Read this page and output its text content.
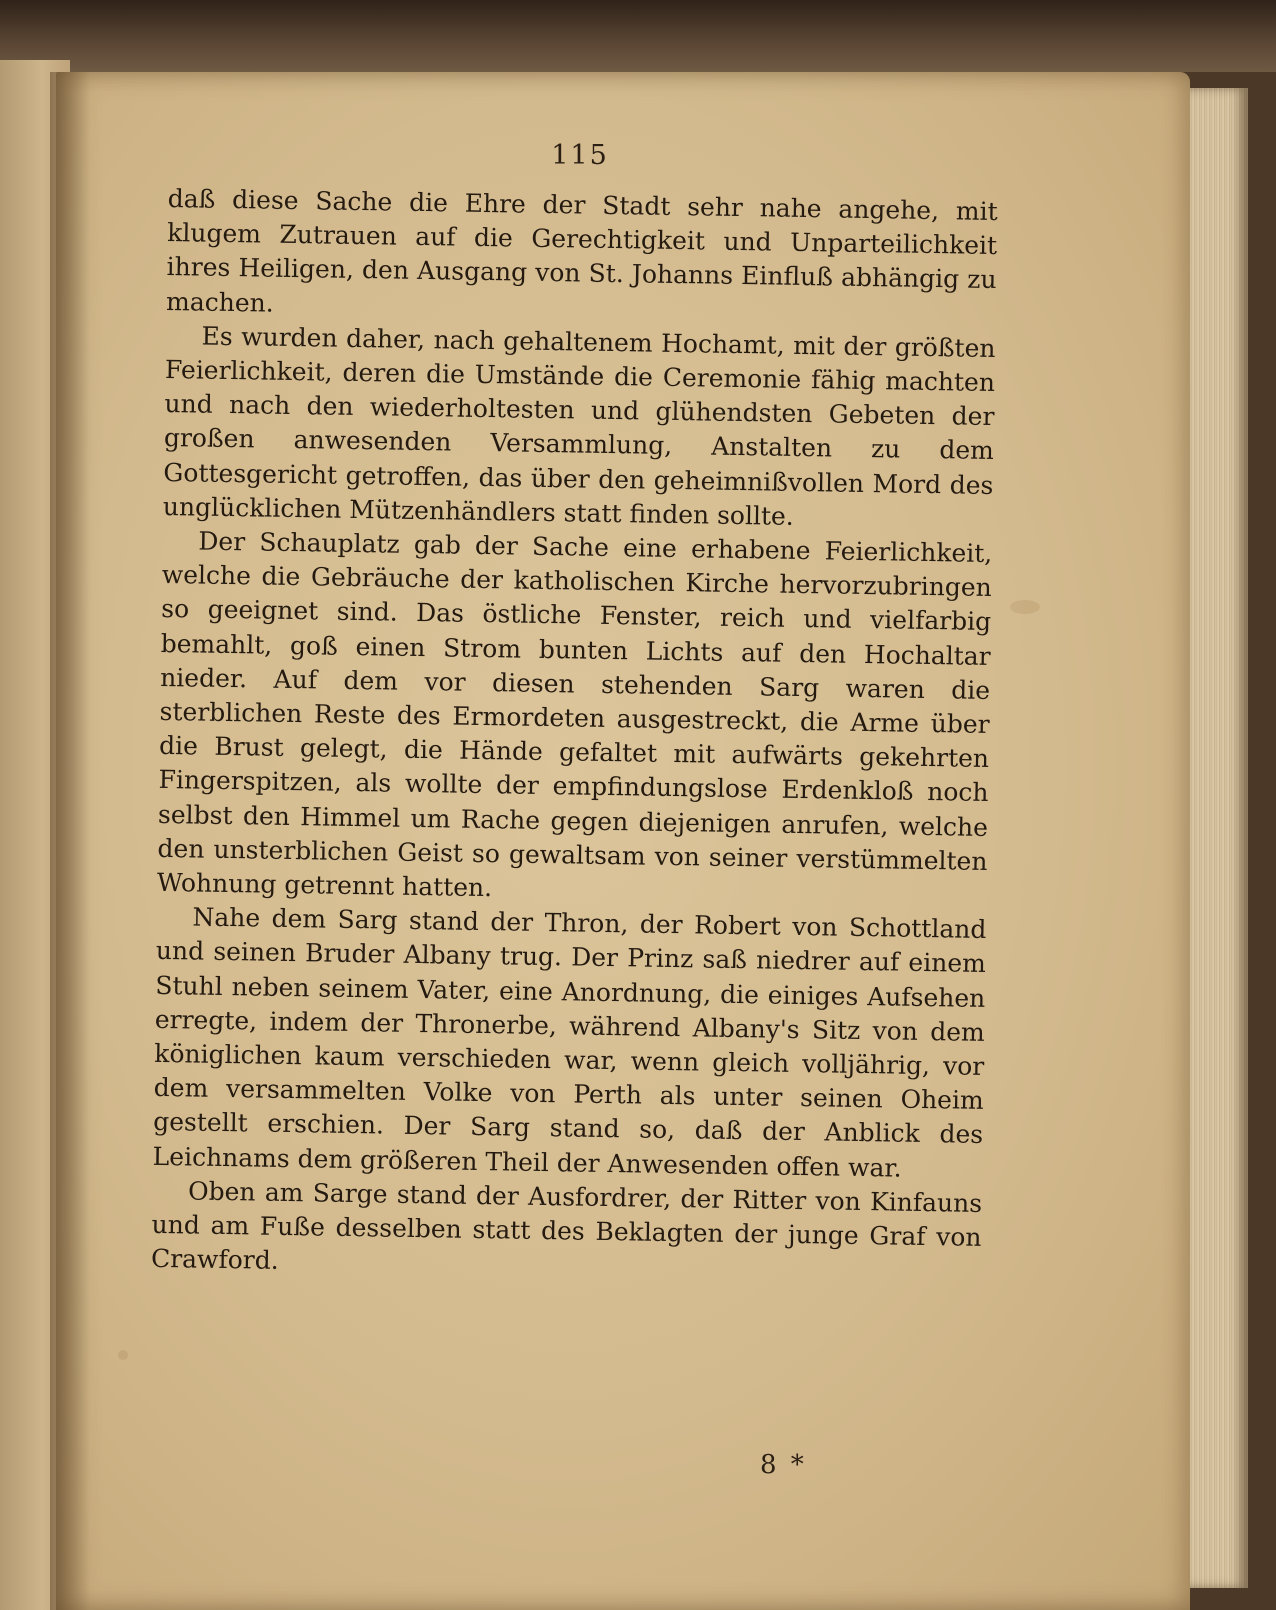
115

daß diese Sache die Ehre der Stadt sehr nahe angehe, mit klugem Zutrauen auf die Gerechtigkeit und Unparteilichkeit ihres Heiligen, den Ausgang von St. Johanns Einfluß abhängig zu machen.

Es wurden daher, nach gehaltenem Hochamt, mit der größten Feierlichkeit, deren die Umstände die Ceremonie fähig machten und nach den wiederholtesten und glühendsten Gebeten der großen anwesenden Versammlung, Anstalten zu dem Gottesgericht getroffen, das über den geheimnißvollen Mord des unglücklichen Mützenhändlers statt finden sollte.

Der Schauplatz gab der Sache eine erhabene Feierlichkeit, welche die Gebräuche der katholischen Kirche hervorzubringen so geeignet sind. Das östliche Fenster, reich und vielfarbig bemahlt, goß einen Strom bunten Lichts auf den Hochaltar nieder. Auf dem vor diesen stehenden Sarg waren die sterblichen Reste des Ermordeten ausgestreckt, die Arme über die Brust gelegt, die Hände gefaltet mit aufwärts gekehrten Fingerspitzen, als wollte der empfindungslose Erdenkloß noch selbst den Himmel um Rache gegen diejenigen anrufen, welche den unsterblichen Geist so gewaltsam von seiner verstümmelten Wohnung getrennt hatten.

Nahe dem Sarg stand der Thron, der Robert von Schottland und seinen Bruder Albany trug. Der Prinz saß niedrer auf einem Stuhl neben seinem Vater, eine Anordnung, die einiges Aufsehen erregte, indem der Thronerbe, während Albany's Sitz von dem königlichen kaum verschieden war, wenn gleich volljährig, vor dem versammelten Volke von Perth als unter seinen Oheim gestellt erschien. Der Sarg stand so, daß der Anblick des Leichnams dem größeren Theil der Anwesenden offen war.

Oben am Sarge stand der Ausfordrer, der Ritter von Kinfauns und am Fuße desselben statt des Beklagten der junge Graf von Crawford.

8 *
